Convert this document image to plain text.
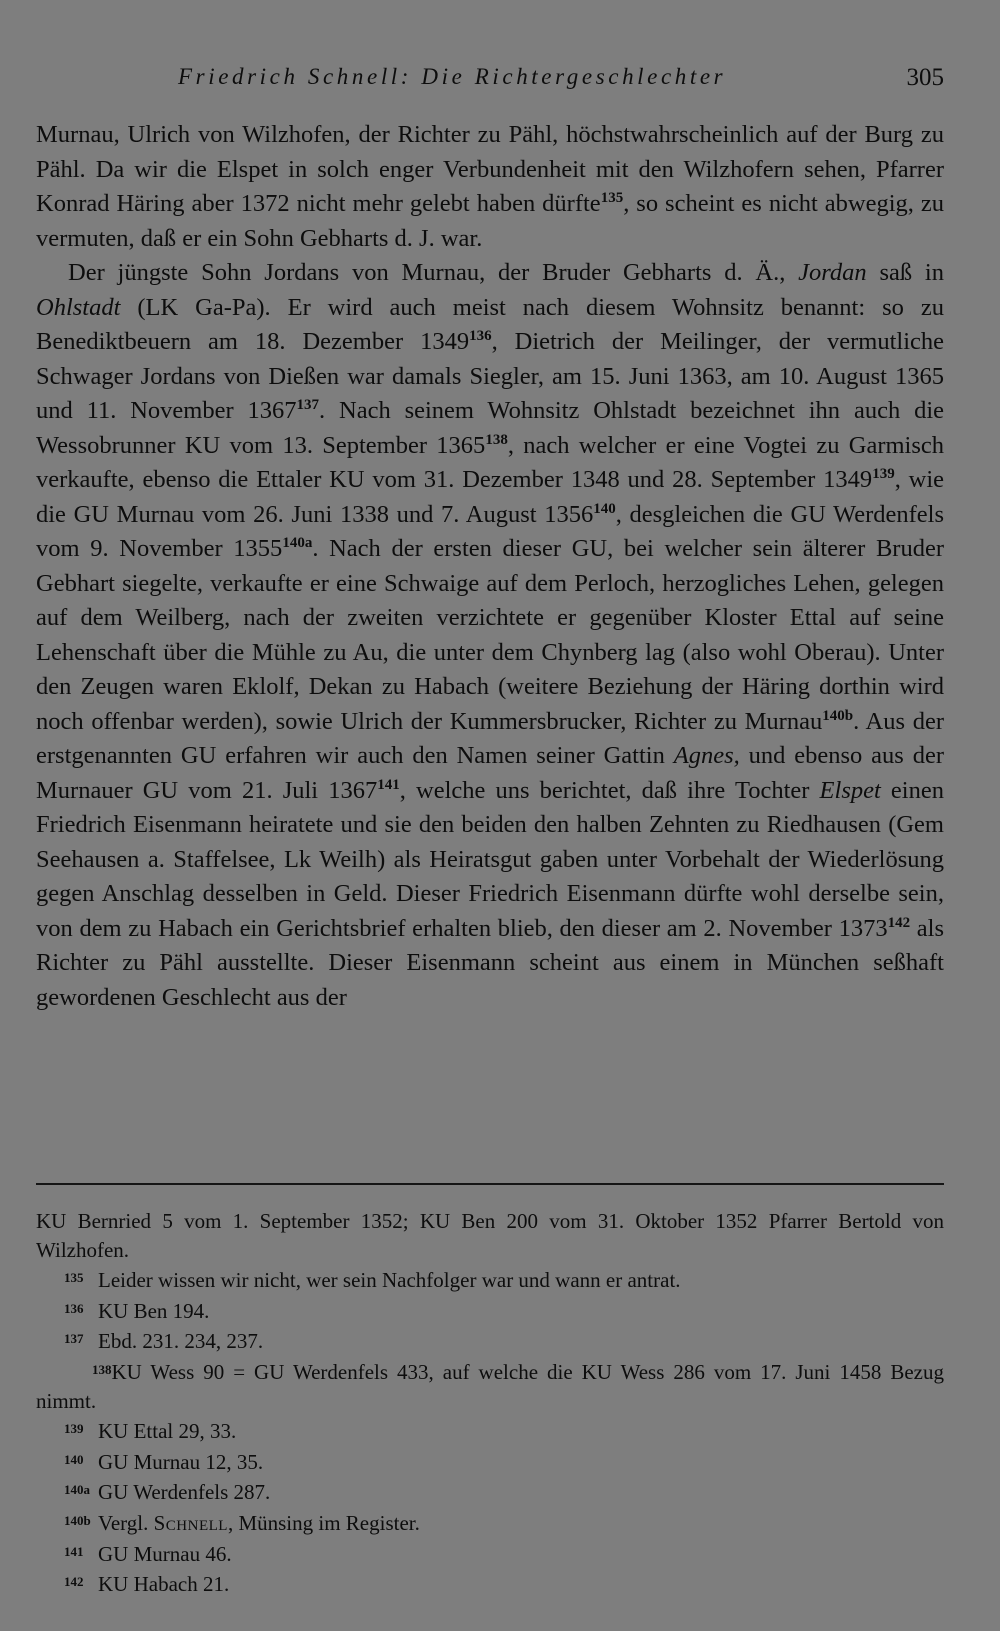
Friedrich Schnell: Die Richtergeschlechter	305

Murnau, Ulrich von Wilzhofen, der Richter zu Pähl, höchstwahrscheinlich auf der Burg zu Pähl. Da wir die Elspet in solch enger Verbundenheit mit den Wilzhofern sehen, Pfarrer Konrad Häring aber 1372 nicht mehr gelebt haben dürfte$^{135}$, so scheint es nicht abwegig, zu vermuten, daß er ein Sohn Gebharts d. J. war.

Der jüngste Sohn Jordans von Murnau, der Bruder Gebharts d. Ä., Jordan saß in Ohlstadt (LK Ga-Pa). Er wird auch meist nach diesem Wohnsitz benannt: so zu Benediktbeuern am 18. Dezember 1349$^{136}$, Dietrich der Meilinger, der vermutliche Schwager Jordans von Dießen war damals Siegler, am 15. Juni 1363, am 10. August 1365 und 11. November 1367$^{137}$. Nach seinem Wohnsitz Ohlstadt bezeichnet ihn auch die Wessobrunner KU vom 13. September 1365$^{138}$, nach welcher er eine Vogtei zu Garmisch verkaufte, ebenso die Ettaler KU vom 31. Dezember 1348 und 28. September 1349$^{139}$, wie die GU Murnau vom 26. Juni 1338 und 7. August 1356$^{140}$, desgleichen die GU Werdenfels vom 9. November $1355^{140a}$. Nach der ersten dieser GU, bei welcher sein älterer Bruder Gebhart siegelte, verkaufte er eine Schwaige auf dem Perloch, herzogliches Lehen, gelegen auf dem Weilberg, nach der zweiten verzichtete er gegenüber Kloster Ettal auf seine Lehenschaft über die Mühle zu Au, die unter dem Chynberg lag (also wohl Oberau). Unter den Zeugen waren Eklolf, Dekan zu Habach (weitere Beziehung der Häring dorthin wird noch offenbar werden), sowie Ulrich der Kummersbrucker, Richter zu Murnau$^{140b}$. Aus der erstgenannten GU erfahren wir auch den Namen seiner Gattin Agnes, und ebenso aus der Murnauer GU vom 21. Juli 1367$^{141}$, welche uns berichtet, daß ihre Tochter Elspet einen Friedrich Eisenmann heiratete und sie den beiden den halben Zehnten zu Riedhausen (Gem Seehausen a. Staffelsee, Lk Weilh) als Heiratsgut gaben unter Vorbehalt der Wiederlösung gegen Anschlag desselben in Geld. Dieser Friedrich Eisenmann dürfte wohl derselbe sein, von dem zu Habach ein Gerichtsbrief erhalten blieb, den dieser am 2. November 1373$^{142}$ als Richter zu Pähl ausstellte. Dieser Eisenmann scheint aus einem in München seßhaft gewordenen Geschlecht aus der

KU Bernried 5 vom 1. September 1352; KU Ben 200 vom 31. Oktober 1352 Pfarrer Bertold von Wilzhofen.

135 Leider wissen wir nicht, wer sein Nachfolger war und wann er antrat.

136 KU Ben 194.

137 Ebd. 231. 234, 237.

138KU Wess 90 = GU Werdenfels 433, auf welche die KU Wess 286 vom 17. Juni 1458 Bezug nimmt.

139 KU Ettal 29, 33.

140 GU Murnau 12, 35.

140a GU Werdenfels 287.

140b Vergl. Schnell, Münsing im Register.

141 GU Murnau 46.

142 KU Habach 21.
